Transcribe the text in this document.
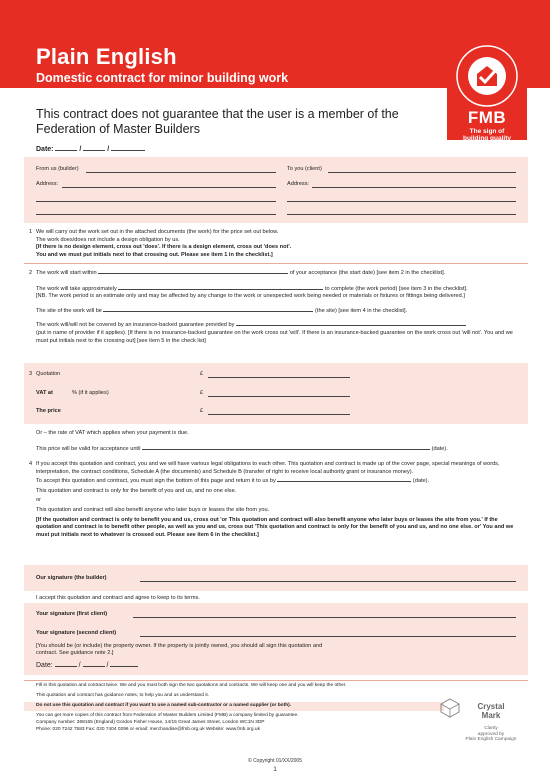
Plain English
Domestic contract for minor building work
FMB
The sign of
building quality
This contract does not guarantee that the user is a member of the Federation of Master Builders
Date:	/	/
From us (builder)
Address:
To you (client)
Address:
1 We will carry out the work set out in the attached documents (the work) for the price set out below.
The work does/does not include a design obligation by us.
[If there is no design element, cross out 'does'. If there is a design element, cross out 'does not'.
You and we must put initials next to that crossing out. Please see item 1 in the checklist.]
2 The work will start within	of your acceptance (the start date) [see item 2 in the checklist].
The work will take approximately	to complete (the work period) [see item 3 in the checklist].
[NB. The work period is an estimate only and may be affected by any change to the work or unexpected work being needed or materials or fixtures or fittings being delivered.]
The site of the work will be	(the site) [see item 4 in the checklist].
The work will/will not be covered by an insurance-backed guarantee provided by
(put in name of provider if it applies). [If there is no insurance-backed guarantee on the work cross out 'will'. If there is an insurance-backed guarantee on the work cross out 'will not'. You and we must put initials next to the crossing out] [see item 5 in the check list]
3 Quotation	£
VAT at	% (if it applies)	£
The price	£
Or – the rate of VAT which applies when your payment is due.
This price will be valid for acceptance until	(date).
4 If you accept this quotation and contract, you and we will have various legal obligations to each other. This quotation and contract is made up of the cover page, special meanings of words, interpretation, the contract conditions, Schedule A (the documents) and Schedule B (transfer of right to receive local authority grant or insurance money).
To accept this quotation and contract, you must sign the bottom of this page and return it to us by	(date).
This quotation and contract is only for the benefit of you and us, and no one else.
or
This quotation and contract will also benefit anyone who later buys or leases the site from you.
[If the quotation and contract is only to benefit you and us, cross out 'or This quotation and contract will also benefit anyone who later buys or leases the site from you.' If the quotation and contract is to benefit other people, as well as you and us, cross out 'This quotation and contract is only for the benefit of you and us, and no one else. or' You and we must put initials next to whatever is crossed out. Please see item 6 in the checklist.]
Our signature (the builder)
I accept this quotation and contract and agree to keep to its terms.
Your signature (first client)
Your signature (second client)
[You should be (or include) the property owner. If the property is jointly owned, you should all sign this quotation and contract. See guidance note 2.]
Date:	/	/
Fill in this quotation and contract twice. We and you must both sign the two quotations and contracts. We will keep one and you will keep the other.
This quotation and contract has guidance notes, to help you and us understand it.
Do not use this quotation and contract if you want to use a named sub-contractor or a named supplier (or both).
You can get more copies of this contract from Federation of Master Builders Limited (FMB) a company limited by guarantee.
Company number: 368165 (England) Gordon Fisher House, 14/15 Great James Street, London WC1N 3DP
Phone: 020 7242 7583 Fax: 020 7404 0296 or email: merchandise@fmb.org.uk Website: www.fmb.org.uk
Crystal
Mark
Clarity
approved by
Plain English Campaign
© Copyright 01/XX/2005
1
